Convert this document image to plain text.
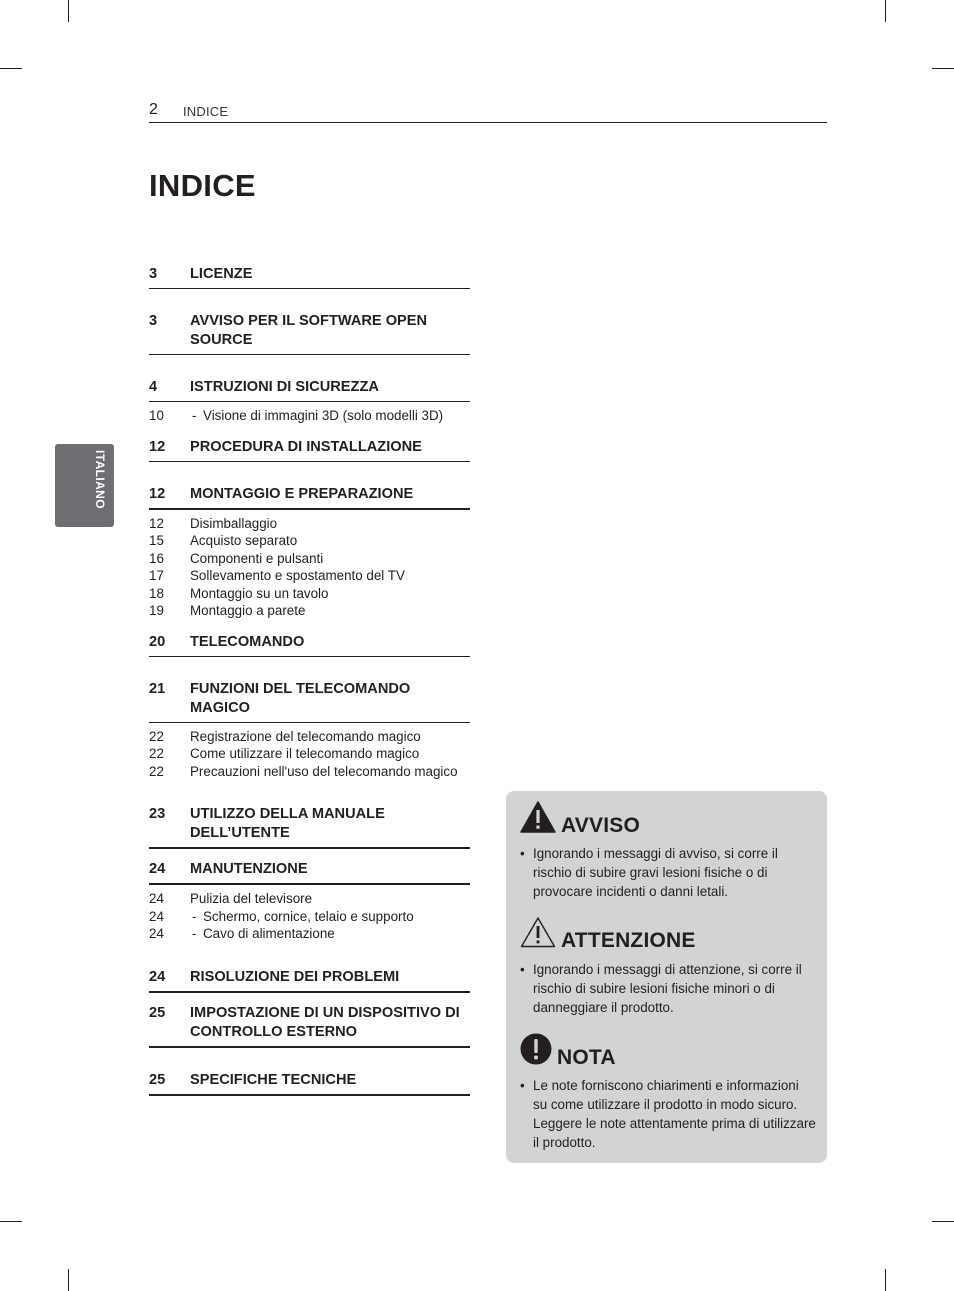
2 INDICE
INDICE
ITALIANO
3 LICENZE
3 AVVISO PER IL SOFTWARE OPEN SOURCE
4 ISTRUZIONI DI SICUREZZA
10 - Visione di immagini 3D (solo modelli 3D)
12 PROCEDURA DI INSTALLAZIONE
12 MONTAGGIO E PREPARAZIONE
12 Disimballaggio
15 Acquisto separato
16 Componenti e pulsanti
17 Sollevamento e spostamento del TV
18 Montaggio su un tavolo
19 Montaggio a parete
20 TELECOMANDO
21 FUNZIONI DEL TELECOMANDO MAGICO
22 Registrazione del telecomando magico
22 Come utilizzare il telecomando magico
22 Precauzioni nell'uso del telecomando magico
23 UTILIZZO DELLA MANUALE DELL’UTENTE
24 MANUTENZIONE
24 Pulizia del televisore
24 - Schermo, cornice, telaio e supporto
24 - Cavo di alimentazione
24 RISOLUZIONE DEI PROBLEMI
25 IMPOSTAZIONE DI UN DISPOSITIVO DI CONTROLLO ESTERNO
25 SPECIFICHE TECNICHE
AVVISO
• Ignorando i messaggi di avviso, si corre il rischio di subire gravi lesioni fisiche o di provocare incidenti o danni letali.
ATTENZIONE
• Ignorando i messaggi di attenzione, si corre il rischio di subire lesioni fisiche minori o di danneggiare il prodotto.
NOTA
• Le note forniscono chiarimenti e informazioni su come utilizzare il prodotto in modo sicuro. Leggere le note attentamente prima di utilizzare il prodotto.
